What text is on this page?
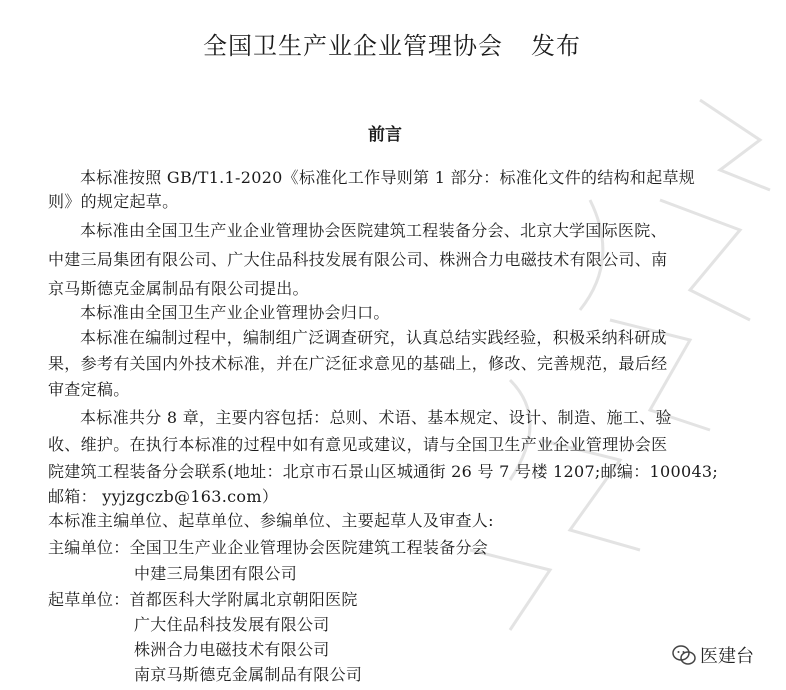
全国卫生产业企业管理协会 发布
前言
本标准按照 GB/T1.1-2020《标准化工作导则第 1 部分：标准化文件的结构和起草规
则》的规定起草。
本标准由全国卫生产业企业管理协会医院建筑工程装备分会、北京大学国际医院、
中建三局集团有限公司、广大住品科技发展有限公司、株洲合力电磁技术有限公司、南
京马斯德克金属制品有限公司提出。
本标准由全国卫生产业企业管理协会归口。
本标准在编制过程中，编制组广泛调查研究，认真总结实践经验，积极采纳科研成
果，参考有关国内外技术标准，并在广泛征求意见的基础上，修改、完善规范，最后经
审查定稿。
本标准共分 8 章，主要内容包括：总则、术语、基本规定、设计、制造、施工、验
收、维护。在执行本标准的过程中如有意见或建议，请与全国卫生产业企业管理协会医
院建筑工程装备分会联系(地址：北京市石景山区城通街 26 号 7 号楼 1207;邮编：100043;
邮箱： yyjzgczb@163.com）
本标准主编单位、起草单位、参编单位、主要起草人及审查人:
主编单位：全国卫生产业企业管理协会医院建筑工程装备分会
中建三局集团有限公司
起草单位：首都医科大学附属北京朝阳医院
广大住品科技发展有限公司
株洲合力电磁技术有限公司
南京马斯德克金属制品有限公司
医建台
